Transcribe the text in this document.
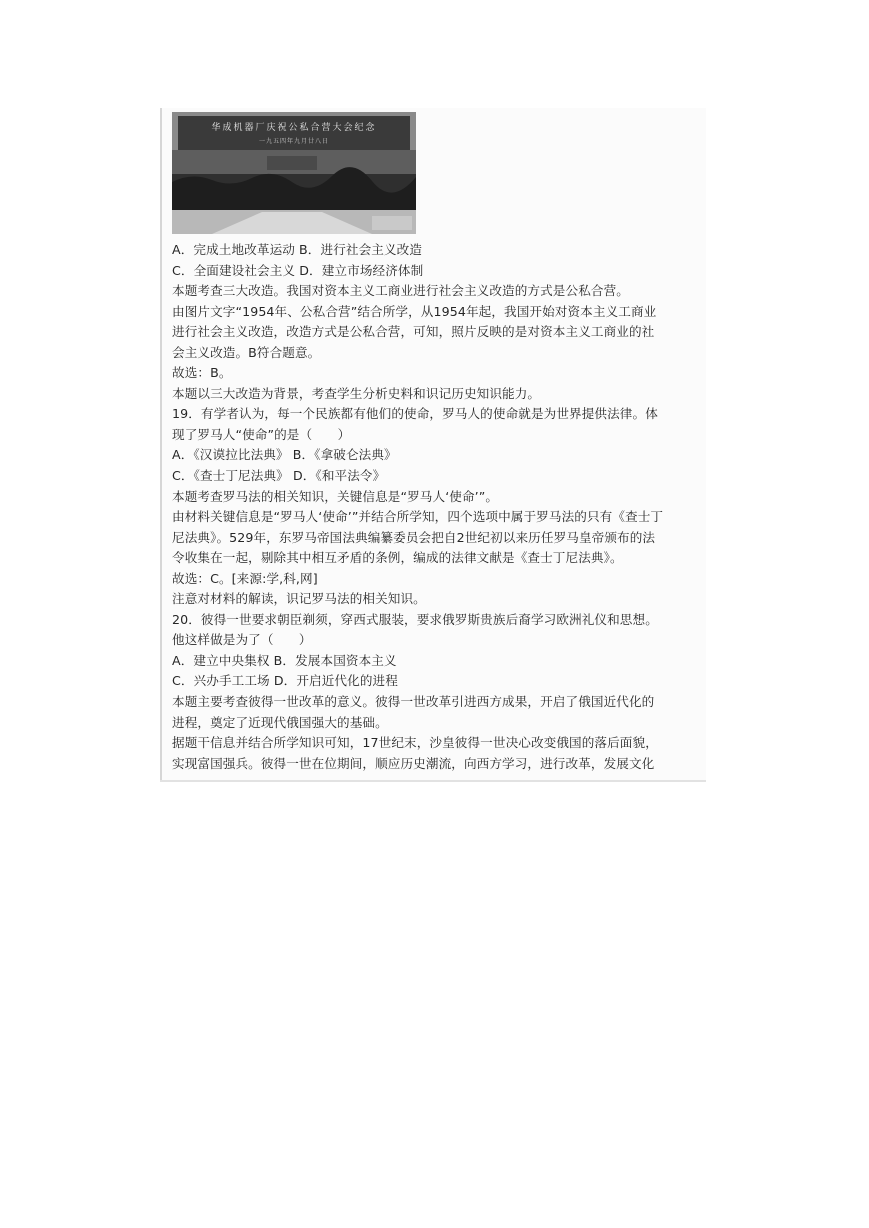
华成机器厂庆祝公私合营大会纪念
一九五四年九月廿八日
A．完成土地改革运动 B．进行社会主义改造
C．全面建设社会主义 D．建立市场经济体制
本题考查三大改造。我国对资本主义工商业进行社会主义改造的方式是公私合营。
由图片文字“1954年、公私合营”结合所学，从1954年起，我国开始对资本主义工商业
进行社会主义改造，改造方式是公私合营，可知，照片反映的是对资本主义工商业的社
会主义改造。B符合题意。
故选：B。
本题以三大改造为背景，考查学生分析史料和识记历史知识能力。
19．有学者认为，每一个民族都有他们的使命，罗马人的使命就是为世界提供法律。体
现了罗马人“使命”的是（　　）
A．《汉谟拉比法典》 B．《拿破仑法典》
C．《查士丁尼法典》 D．《和平法令》
本题考查罗马法的相关知识，关键信息是“罗马人‘使命’”。
由材料关键信息是“罗马人‘使命’”并结合所学知，四个选项中属于罗马法的只有《查士丁
尼法典》。529年，东罗马帝国法典编纂委员会把自2世纪初以来历任罗马皇帝颁布的法
令收集在一起，剔除其中相互矛盾的条例，编成的法律文献是《查士丁尼法典》。
故选：C。[来源:学,科,网]
注意对材料的解读，识记罗马法的相关知识。
20．彼得一世要求朝臣剃须，穿西式服装，要求俄罗斯贵族后裔学习欧洲礼仪和思想。
他这样做是为了（　　）
A．建立中央集权 B．发展本国资本主义
C．兴办手工工场 D．开启近代化的进程
本题主要考查彼得一世改革的意义。彼得一世改革引进西方成果，开启了俄国近代化的
进程，奠定了近现代俄国强大的基础。
据题干信息并结合所学知识可知，17世纪末，沙皇彼得一世决心改变俄国的落后面貌，
实现富国强兵。彼得一世在位期间，顺应历史潮流，向西方学习，进行改革，发展文化
